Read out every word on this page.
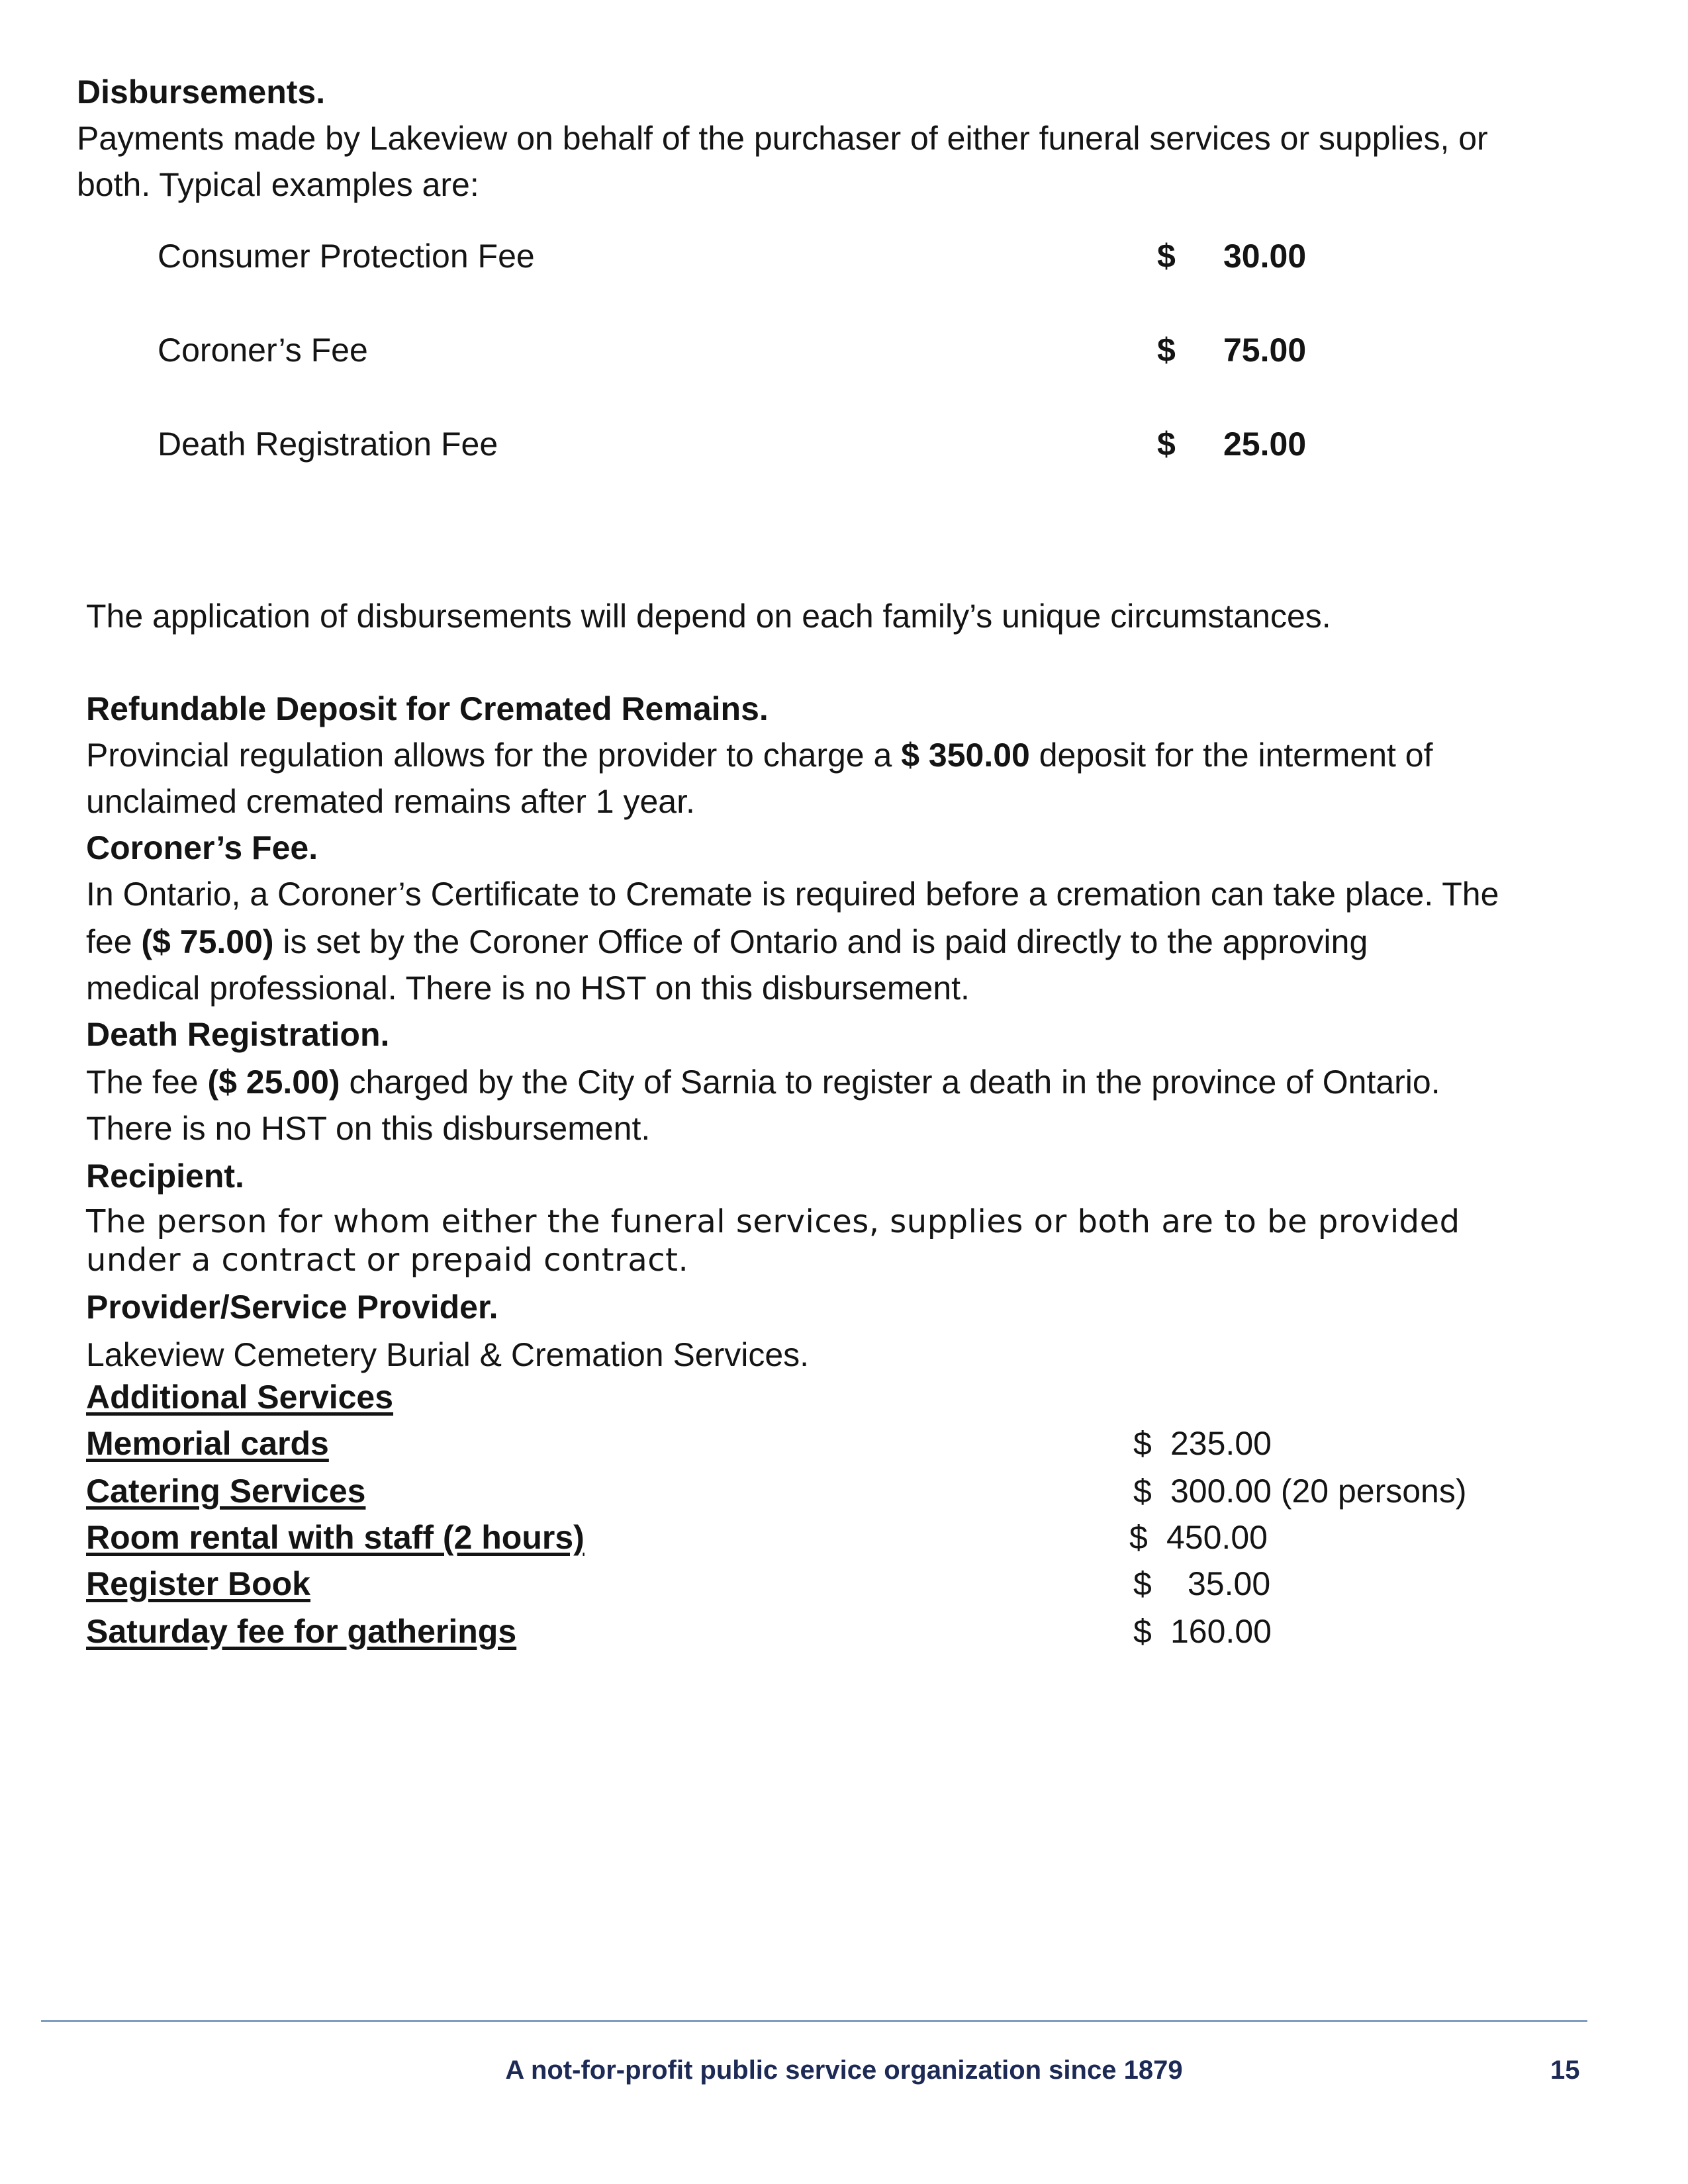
Disbursements.
Payments made by Lakeview on behalf of the purchaser of either funeral services or supplies, or
both. Typical examples are:
Consumer Protection Fee	$ 30.00
Coroner’s Fee	$ 75.00
Death Registration Fee	$ 25.00
The application of disbursements will depend on each family’s unique circumstances.
Refundable Deposit for Cremated Remains.
Provincial regulation allows for the provider to charge a $ 350.00 deposit for the interment of
unclaimed cremated remains after 1 year.
Coroner’s Fee.
In Ontario, a Coroner’s Certificate to Cremate is required before a cremation can take place. The
fee ($ 75.00) is set by the Coroner Office of Ontario and is paid directly to the approving
medical professional. There is no HST on this disbursement.
Death Registration.
The fee ($ 25.00) charged by the City of Sarnia to register a death in the province of Ontario.
There is no HST on this disbursement.
Recipient.
The person for whom either the funeral services, supplies or both are to be provided
under a contract or prepaid contract.
Provider/Service Provider.
Lakeview Cemetery Burial & Cremation Services.
Additional Services
Memorial cards	$ 235.00
Catering Services	$ 300.00 (20 persons)
Room rental with staff (2 hours)	$ 450.00
Register Book	$ 35.00
Saturday fee for gatherings	$ 160.00
A not-for-profit public service organization since 1879	15
